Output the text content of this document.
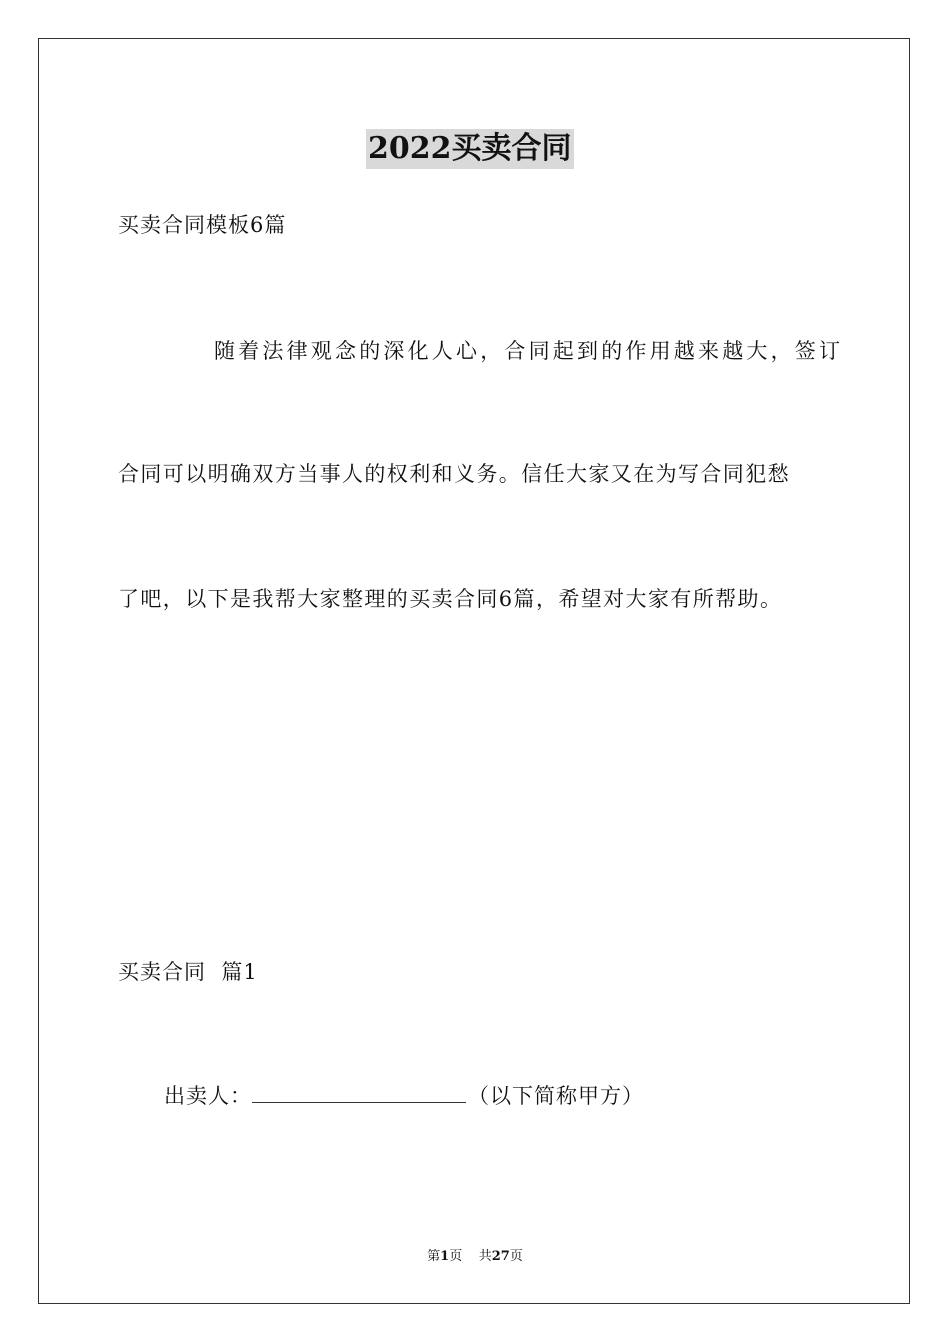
2022买卖合同
买卖合同模板6篇
随着法律观念的深化人心，合同起到的作用越来越大，签订
合同可以明确双方当事人的权利和义务。信任大家又在为写合同犯愁
了吧，以下是我帮大家整理的买卖合同6篇，希望对大家有所帮助。
买卖合同  篇1
出卖人：	（以下简称甲方）
第1页 共27页
